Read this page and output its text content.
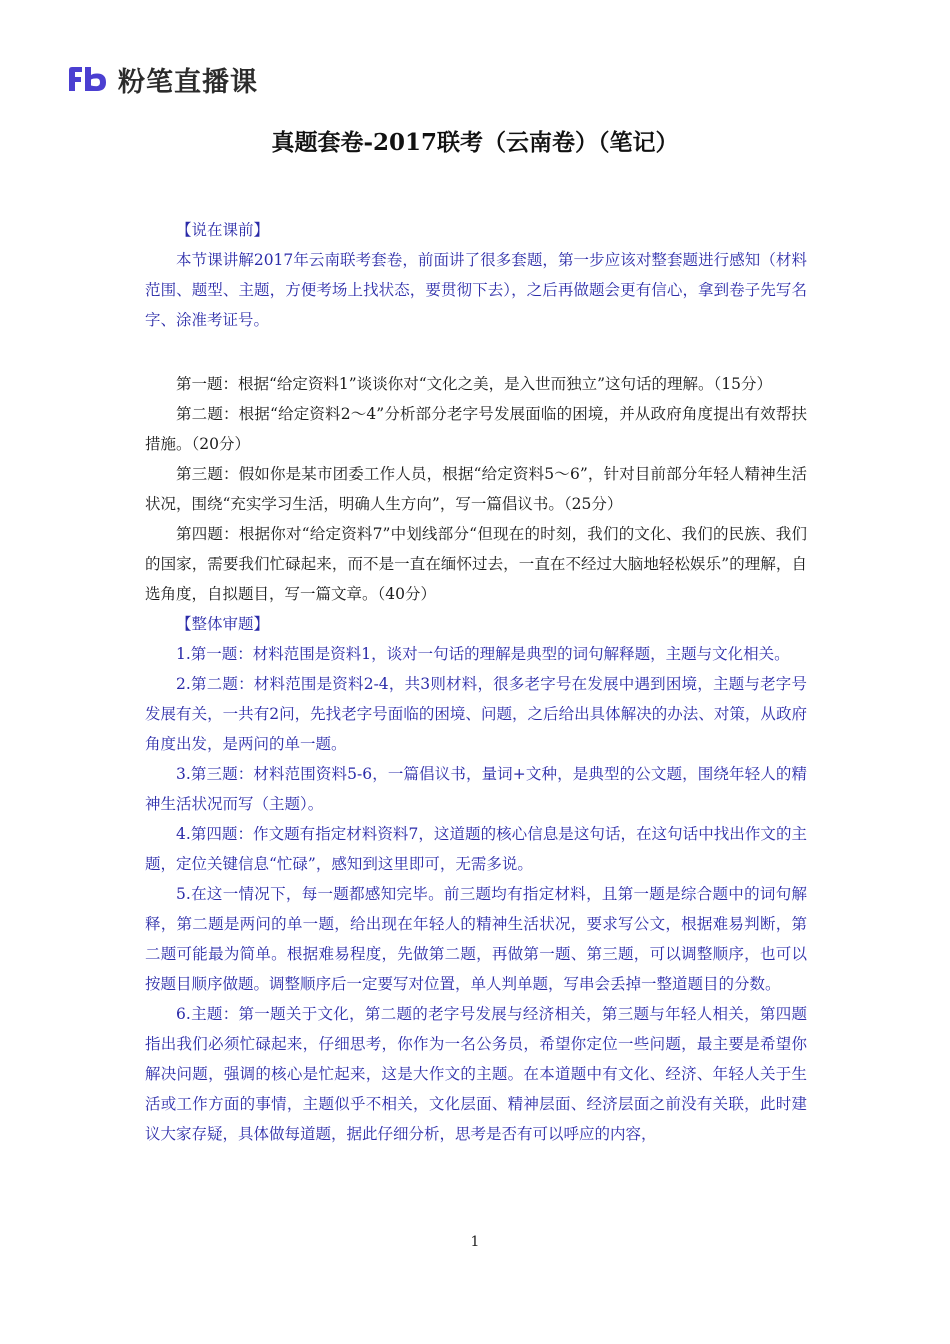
粉笔直播课
真题套卷-2017联考（云南卷）（笔记）

【说在课前】

本节课讲解2017年云南联考套卷，前面讲了很多套题，第一步应该对整套题进行感知（材料范围、题型、主题，方便考场上找状态，要贯彻下去），之后再做题会更有信心，拿到卷子先写名字、涂准考证号。

第一题：根据“给定资料1”谈谈你对“文化之美，是入世而独立”这句话的理解。（15分）

第二题：根据“给定资料2～4”分析部分老字号发展面临的困境，并从政府角度提出有效帮扶措施。（20分）

第三题：假如你是某市团委工作人员，根据“给定资料5～6”，针对目前部分年轻人精神生活状况，围绕“充实学习生活，明确人生方向”，写一篇倡议书。（25分）

第四题：根据你对“给定资料7”中划线部分“但现在的时刻，我们的文化、我们的民族、我们的国家，需要我们忙碌起来，而不是一直在缅怀过去，一直在不经过大脑地轻松娱乐”的理解，自选角度，自拟题目，写一篇文章。（40分）

【整体审题】

1.第一题：材料范围是资料1，谈对一句话的理解是典型的词句解释题，主题与文化相关。

2.第二题：材料范围是资料2-4，共3则材料，很多老字号在发展中遇到困境，主题与老字号发展有关，一共有2问，先找老字号面临的困境、问题，之后给出具体解决的办法、对策，从政府角度出发，是两问的单一题。

3.第三题：材料范围资料5-6，一篇倡议书，量词+文种，是典型的公文题，围绕年轻人的精神生活状况而写（主题）。

4.第四题：作文题有指定材料资料7，这道题的核心信息是这句话，在这句话中找出作文的主题，定位关键信息“忙碌”，感知到这里即可，无需多说。

5.在这一情况下，每一题都感知完毕。前三题均有指定材料，且第一题是综合题中的词句解释，第二题是两问的单一题，给出现在年轻人的精神生活状况，要求写公文，根据难易判断，第二题可能最为简单。根据难易程度，先做第二题，再做第一题、第三题，可以调整顺序，也可以按题目顺序做题。调整顺序后一定要写对位置，单人判单题，写串会丢掉一整道题目的分数。

6.主题：第一题关于文化，第二题的老字号发展与经济相关，第三题与年轻人相关，第四题指出我们必须忙碌起来，仔细思考，你作为一名公务员，希望你定位一些问题，最主要是希望你解决问题，强调的核心是忙起来，这是大作文的主题。在本道题中有文化、经济、年轻人关于生活或工作方面的事情，主题似乎不相关，文化层面、精神层面、经济层面之前没有关联，此时建议大家存疑，具体做每道题，据此仔细分析，思考是否有可以呼应的内容，

1
